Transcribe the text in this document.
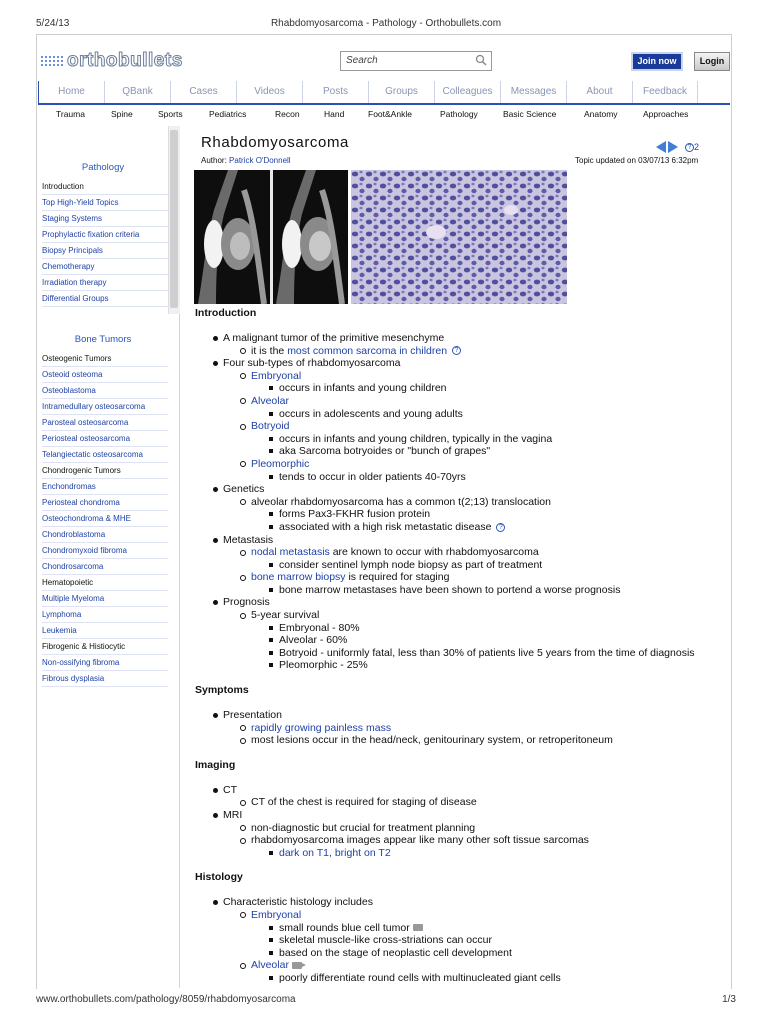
5/24/13	Rhabdomyosarcoma - Pathology - Orthobullets.com
www.orthobullets.com/pathology/8059/rhabdomyosarcoma	1/3
orthobullets	Search	Join now	Login
Home	QBank	Cases	Videos	Posts	Groups	Colleagues	Messages	About	Feedback
Trauma	Spine	Sports	Pediatrics	Recon	Hand	Foot&Ankle	Pathology	Basic Science	Anatomy	Approaches
Pathology
Introduction
Top High-Yield Topics
Staging Systems
Prophylactic fixation criteria
Biopsy Principals
Chemotherapy
Irradiation therapy
Differential Groups
Bone Tumors
Osteogenic Tumors
Osteoid osteoma
Osteoblastoma
Intramedullary osteosarcoma
Parosteal osteosarcoma
Periosteal osteosarcoma
Telangiectatic osteosarcoma
Chondrogenic Tumors
Enchondromas
Periosteal chondroma
Osteochondroma & MHE
Chondroblastoma
Chondromyxoid fibroma
Chondrosarcoma
Hematopoietic
Multiple Myeloma
Lymphoma
Leukemia
Fibrogenic & Histiocytic
Non-ossifying fibroma
Fibrous dysplasia
Rhabdomyosarcoma
Author: Patrick O'Donnell
? 2
Topic updated on 03/07/13 6:32pm
Introduction
A malignant tumor of the primitive mesenchyme
it is the most common sarcoma in children ?
Four sub-types of rhabdomyosarcoma
Embryonal
occurs in infants and young children
Alveolar
occurs in adolescents and young adults
Botryoid
occurs in infants and young children, typically in the vagina
aka Sarcoma botryoides or "bunch of grapes"
Pleomorphic
tends to occur in older patients 40-70yrs
Genetics
alveolar rhabdomyosarcoma has a common t(2;13) translocation
forms Pax3-FKHR fusion protein
associated with a high risk metastatic disease ?
Metastasis
nodal metastasis are known to occur with rhabdomyosarcoma
consider sentinel lymph node biopsy as part of treatment
bone marrow biopsy is required for staging
bone marrow metastases have been shown to portend a worse prognosis
Prognosis
5-year survival
Embryonal - 80%
Alveolar - 60%
Botryoid - uniformly fatal, less than 30% of patients live 5 years from the time of diagnosis
Pleomorphic - 25%
Symptoms
Presentation
rapidly growing painless mass
most lesions occur in the head/neck, genitourinary system, or retroperitoneum
Imaging
CT
CT of the chest is required for staging of disease
MRI
non-diagnostic but crucial for treatment planning
rhabdomyosarcoma images appear like many other soft tissue sarcomas
dark on T1, bright on T2
Histology
Characteristic histology includes
Embryonal
small rounds blue cell tumor
skeletal muscle-like cross-striations can occur
based on the stage of neoplastic cell development
Alveolar
poorly differentiate round cells with multinucleated giant cells
